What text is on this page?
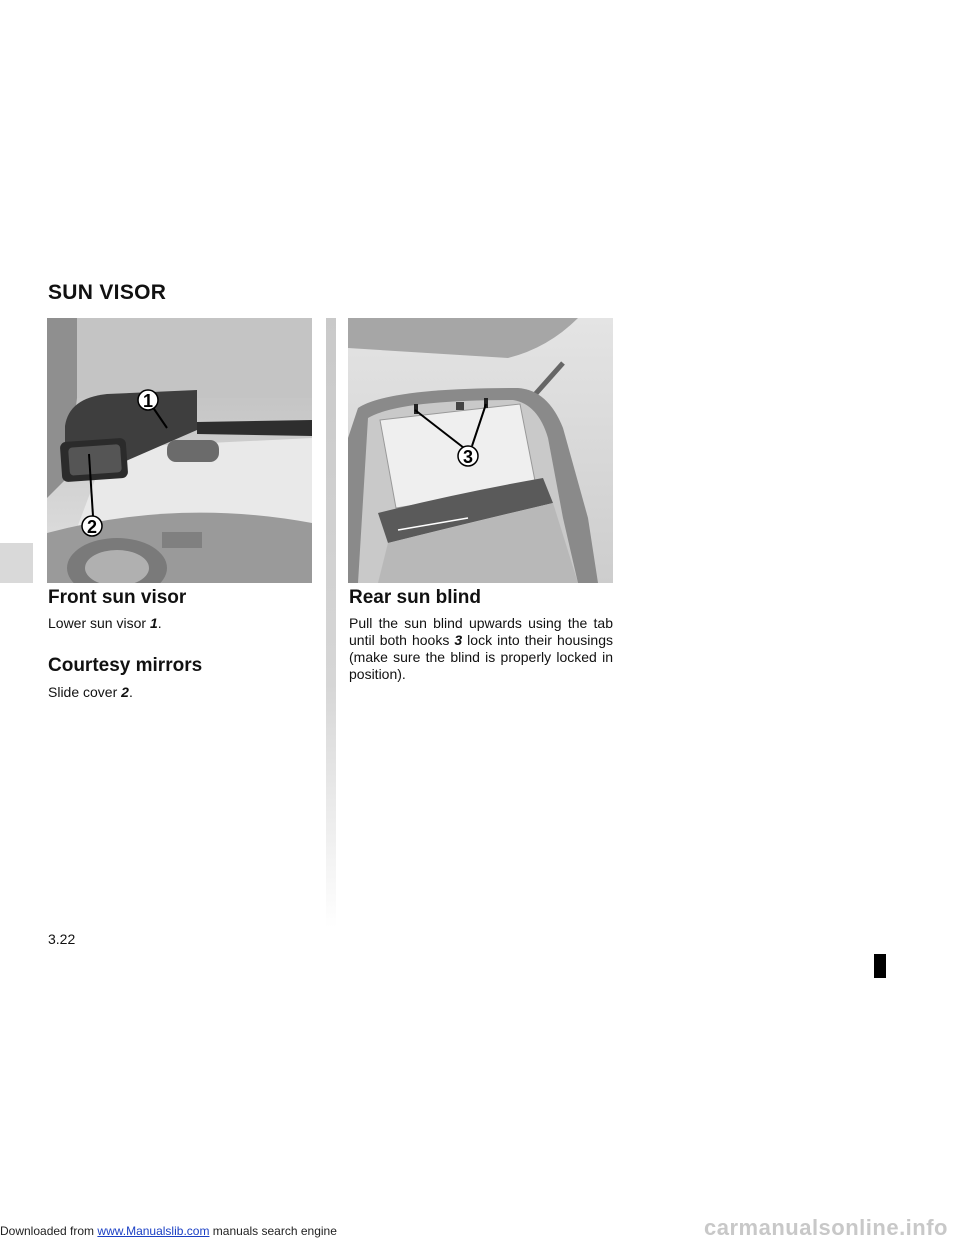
SUN VISOR
1
2
3
Front sun visor

Lower sun visor 1.

Courtesy mirrors

Slide cover 2.

Rear sun blind

Pull the sun blind upwards using the tab until both hooks 3 lock into their housings (make sure the blind is properly locked in position).

3.22
Downloaded from www.Manualslib.com manuals search engine	carmanualsonline.info
